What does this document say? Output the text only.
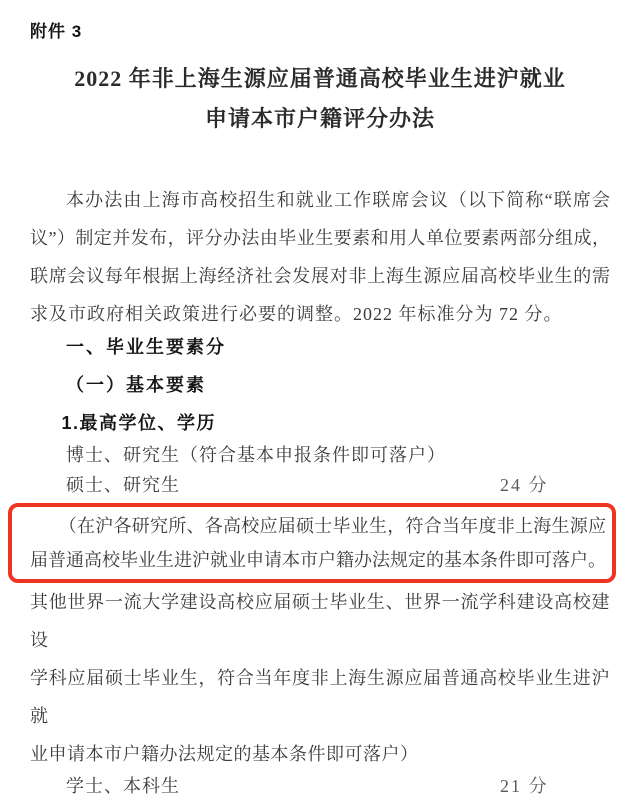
附件 3
2022 年非上海生源应届普通高校毕业生进沪就业
申请本市户籍评分办法
本办法由上海市高校招生和就业工作联席会议（以下简称“联席会
议”）制定并发布，评分办法由毕业生要素和用人单位要素两部分组成，
联席会议每年根据上海经济社会发展对非上海生源应届高校毕业生的需
求及市政府相关政策进行必要的调整。2022 年标准分为 72 分。
一、毕业生要素分
（一）基本要素
1.最高学位、学历
博士、研究生（符合基本申报条件即可落户）
硕士、研究生	24 分
（在沪各研究所、各高校应届硕士毕业生，符合当年度非上海生源应
届普通高校毕业生进沪就业申请本市户籍办法规定的基本条件即可落户。
其他世界一流大学建设高校应届硕士毕业生、世界一流学科建设高校建设
学科应届硕士毕业生，符合当年度非上海生源应届普通高校毕业生进沪就
业申请本市户籍办法规定的基本条件即可落户）
学士、本科生	21 分
